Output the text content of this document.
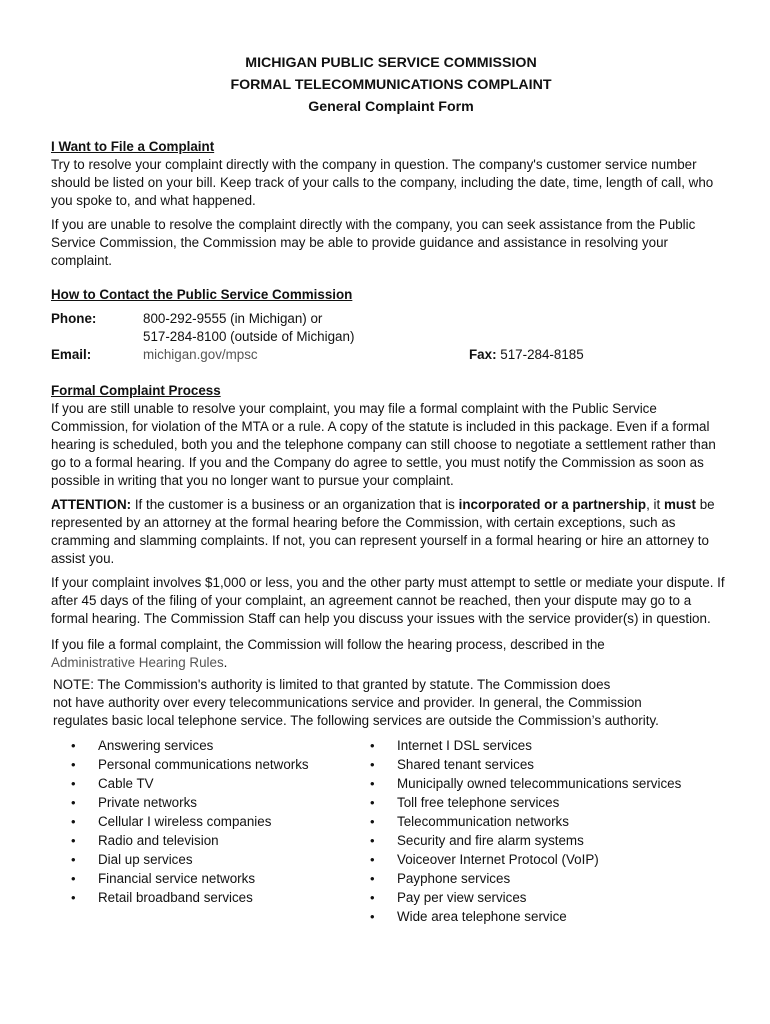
MICHIGAN PUBLIC SERVICE COMMISSION
FORMAL TELECOMMUNICATIONS COMPLAINT
General Complaint Form
I Want to File a Complaint

Try to resolve your complaint directly with the company in question. The company's customer service number should be listed on your bill. Keep track of your calls to the company, including the date, time, length of call, who you spoke to, and what happened.

If you are unable to resolve the complaint directly with the company, you can seek assistance from the Public Service Commission, the Commission may be able to provide guidance and assistance in resolving your complaint.

How to Contact the Public Service Commission
Phone:	800-292-9555 (in Michigan) or
517-284-8100 (outside of Michigan)
Email:	michigan.gov/mpsc	Fax: 517-284-8185
Formal Complaint Process

If you are still unable to resolve your complaint, you may file a formal complaint with the Public Service Commission, for violation of the MTA or a rule. A copy of the statute is included in this package. Even if a formal hearing is scheduled, both you and the telephone company can still choose to negotiate a settlement rather than go to a formal hearing. If you and the Company do agree to settle, you must notify the Commission as soon as possible in writing that you no longer want to pursue your complaint.

ATTENTION: If the customer is a business or an organization that is incorporated or a partnership, it must be represented by an attorney at the formal hearing before the Commission, with certain exceptions, such as cramming and slamming complaints. If not, you can represent yourself in a formal hearing or hire an attorney to assist you.

If your complaint involves $1,000 or less, you and the other party must attempt to settle or mediate your dispute. If after 45 days of the filing of your complaint, an agreement cannot be reached, then your dispute may go to a formal hearing. The Commission Staff can help you discuss your issues with the service provider(s) in question.

If you file a formal complaint, the Commission will follow the hearing process, described in the
Administrative Hearing Rules.

NOTE: The Commission's authority is limited to that granted by statute. The Commission does
not have authority over every telecommunications service and provider. In general, the Commission
regulates basic local telephone service. The following services are outside the Commission’s authority.
• Answering services
• Personal communications networks
• Cable TV
• Private networks
• Cellular I wireless companies
• Radio and television
• Dial up services
• Financial service networks
• Retail broadband services
• Internet I DSL services
• Shared tenant services
• Municipally owned telecommunications services
• Toll free telephone services
• Telecommunication networks
• Security and fire alarm systems
• Voiceover Internet Protocol (VoIP)
• Payphone services
• Pay per view services
• Wide area telephone service
